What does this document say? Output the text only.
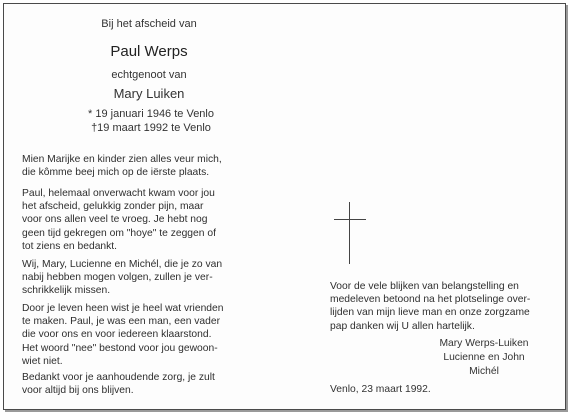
Bij het afscheid van
Paul Werps
echtgenoot van
Mary Luiken
* 19 januari 1946 te Venlo
†19 maart 1992 te Venlo
Mien Marijke en kinder zien alles veur mich,
die kômme beej mich op de iërste plaats.
Paul, helemaal onverwacht kwam voor jou
het afscheid, gelukkig zonder pijn, maar
voor ons allen veel te vroeg. Je hebt nog
geen tijd gekregen om "hoye" te zeggen of
tot ziens en bedankt.
Wij, Mary, Lucienne en Michél, die je zo van
nabij hebben mogen volgen, zullen je ver-
schrikkelijk missen.
Door je leven heen wist je heel wat vrienden
te maken. Paul, je was een man, een vader
die voor ons en voor iedereen klaarstond.
Het woord "nee" bestond voor jou gewoon-
wiet niet.
Bedankt voor je aanhoudende zorg, je zult
voor altijd bij ons blijven.
Voor de vele blijken van belangstelling en
medeleven betoond na het plotselinge over-
lijden van mijn lieve man en onze zorgzame
pap danken wij U allen hartelijk.
Mary Werps-Luiken
Lucienne en John
Michél
Venlo, 23 maart 1992.
